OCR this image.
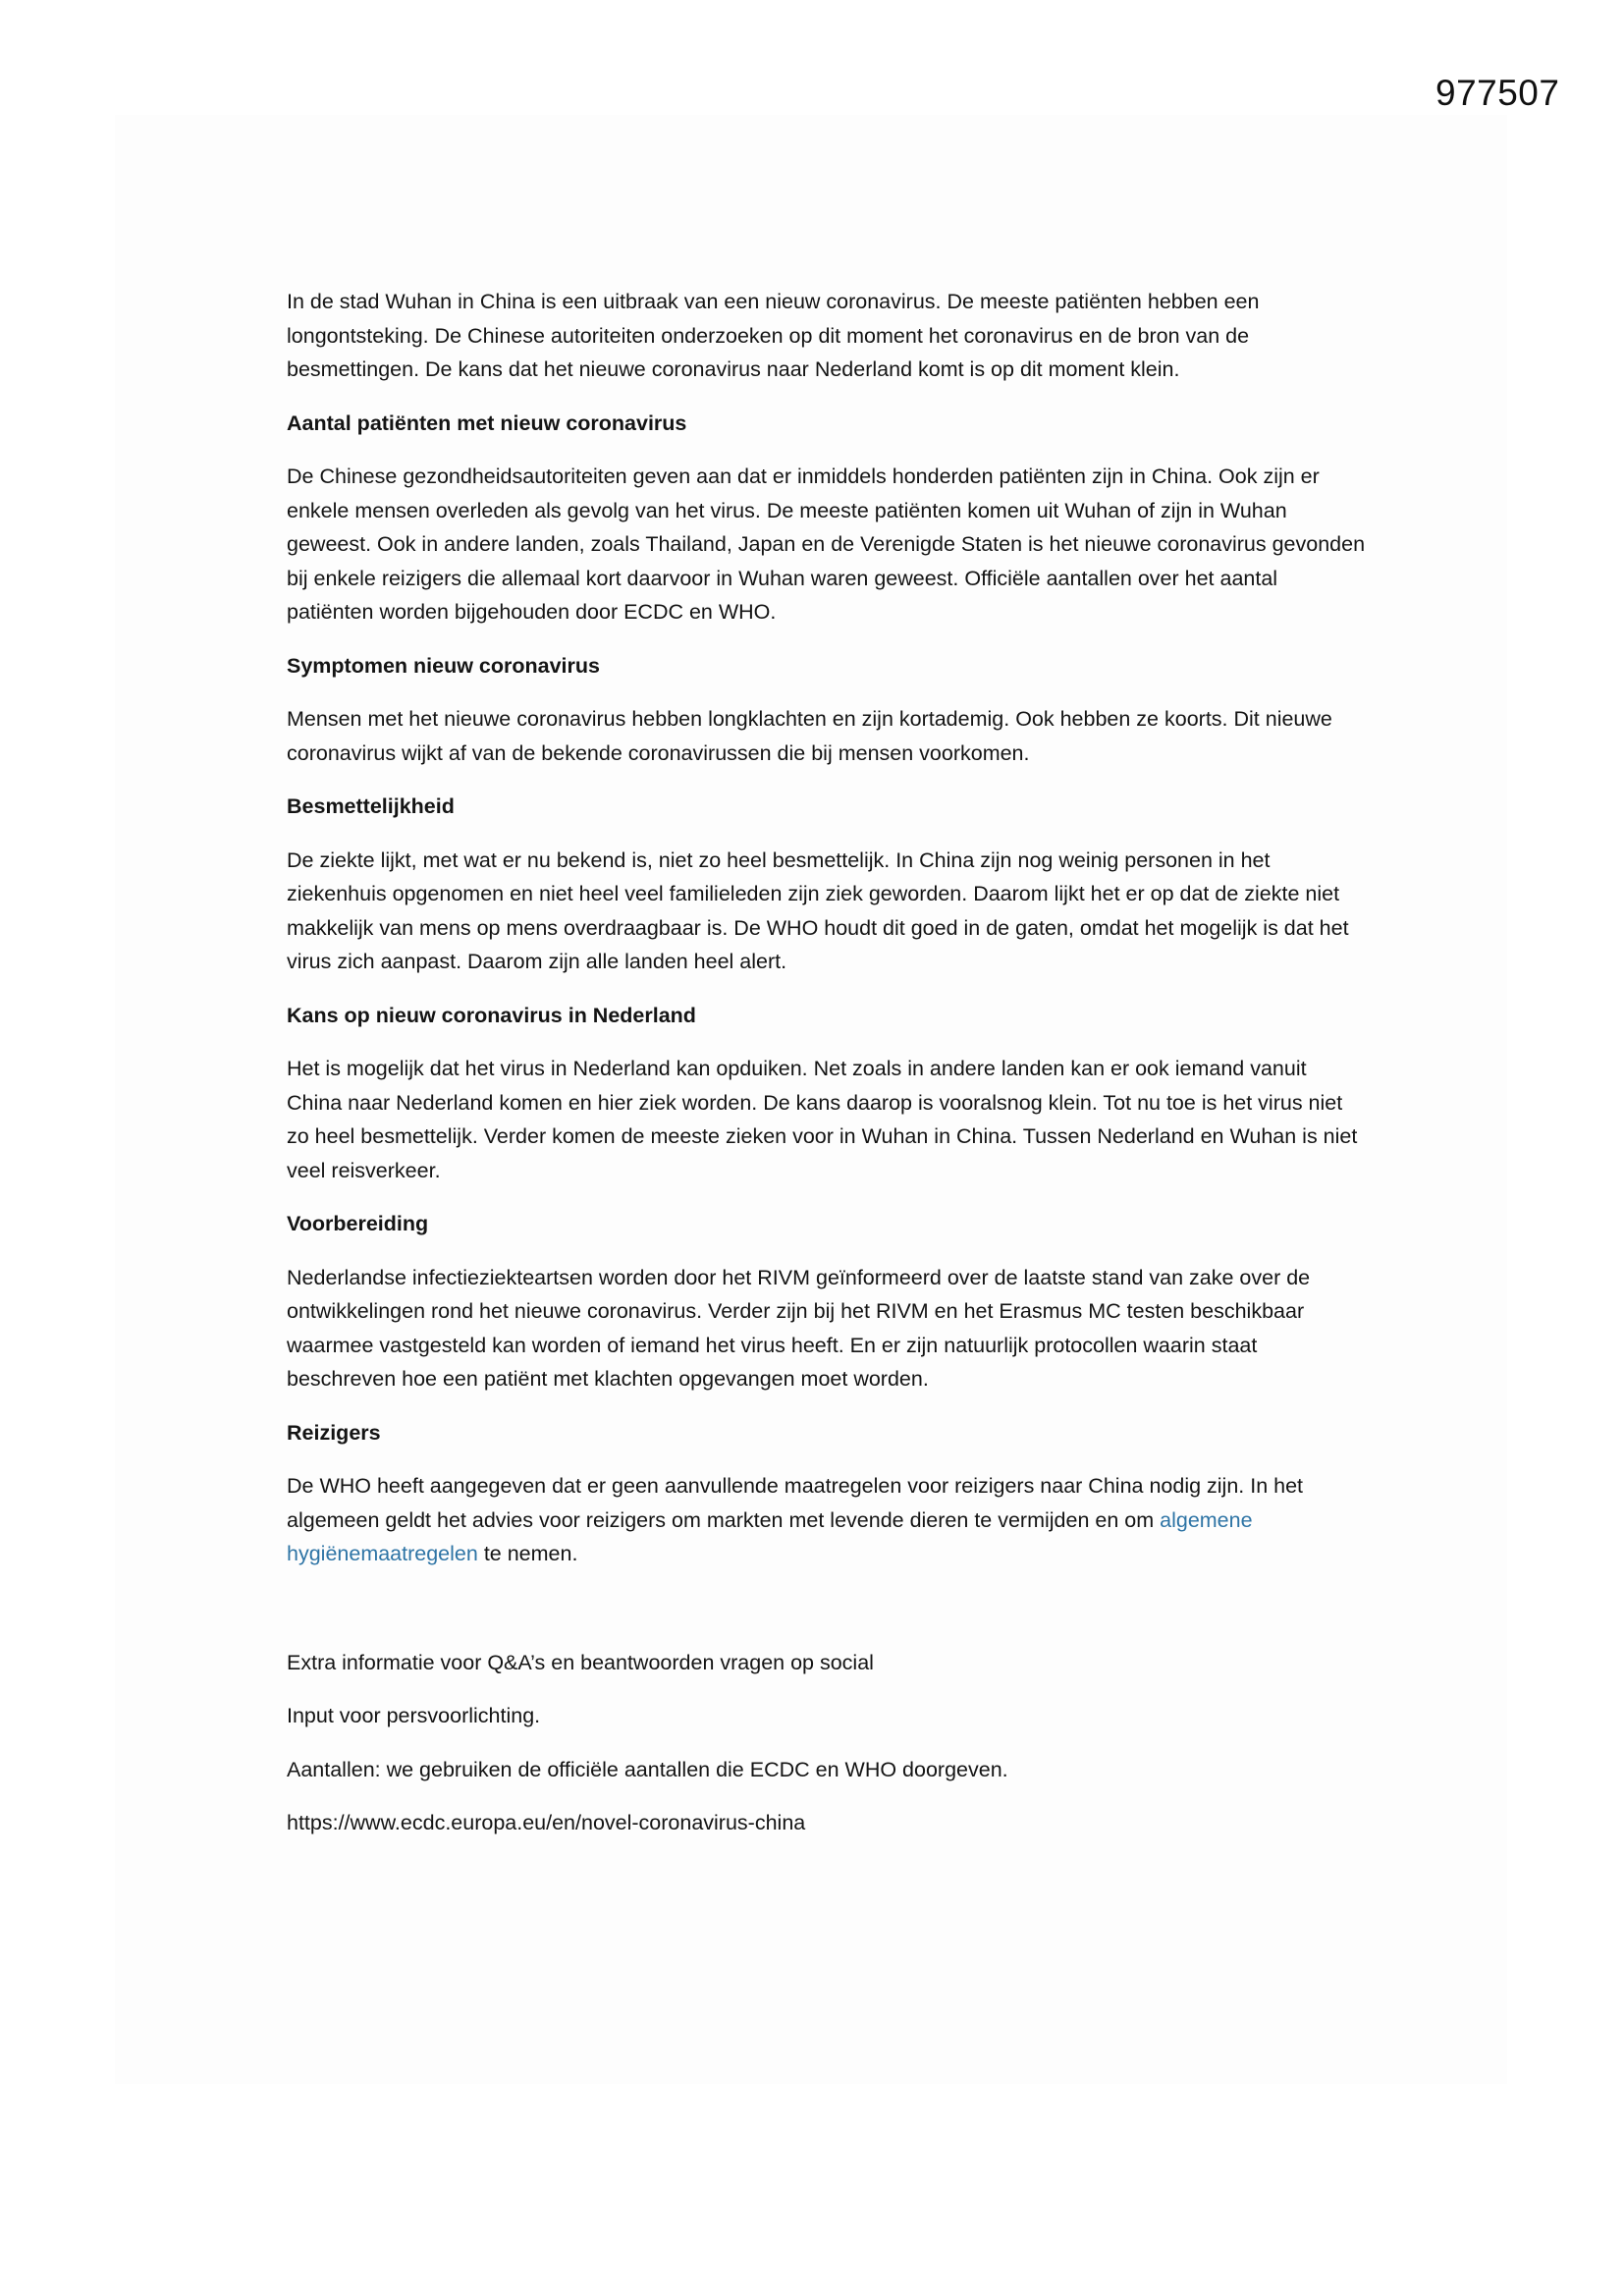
977507

In de stad Wuhan in China is een uitbraak van een nieuw coronavirus. De meeste patiënten hebben een longontsteking. De Chinese autoriteiten onderzoeken op dit moment het coronavirus en de bron van de besmettingen. De kans dat het nieuwe coronavirus naar Nederland komt is op dit moment klein.

Aantal patiënten met nieuw coronavirus

De Chinese gezondheidsautoriteiten geven aan dat er inmiddels honderden patiënten zijn in China. Ook zijn er enkele mensen overleden als gevolg van het virus. De meeste patiënten komen uit Wuhan of zijn in Wuhan geweest. Ook in andere landen, zoals Thailand, Japan en de Verenigde Staten is het nieuwe coronavirus gevonden bij enkele reizigers die allemaal kort daarvoor in Wuhan waren geweest. Officiële aantallen over het aantal patiënten worden bijgehouden door ECDC en WHO.

Symptomen nieuw coronavirus

Mensen met het nieuwe coronavirus hebben longklachten en zijn kortademig. Ook hebben ze koorts. Dit nieuwe coronavirus wijkt af van de bekende coronavirussen die bij mensen voorkomen.

Besmettelijkheid

De ziekte lijkt, met wat er nu bekend is, niet zo heel besmettelijk. In China zijn nog weinig personen in het ziekenhuis opgenomen en niet heel veel familieleden zijn ziek geworden. Daarom lijkt het er op dat de ziekte niet makkelijk van mens op mens overdraagbaar is. De WHO houdt dit goed in de gaten, omdat het mogelijk is dat het virus zich aanpast. Daarom zijn alle landen heel alert.

Kans op nieuw coronavirus in Nederland

Het is mogelijk dat het virus in Nederland kan opduiken. Net zoals in andere landen kan er ook iemand vanuit China naar Nederland komen en hier ziek worden. De kans daarop is vooralsnog klein. Tot nu toe is het virus niet zo heel besmettelijk. Verder komen de meeste zieken voor in Wuhan in China. Tussen Nederland en Wuhan is niet veel reisverkeer.

Voorbereiding

Nederlandse infectieziekteartsen worden door het RIVM geïnformeerd over de laatste stand van zake over de ontwikkelingen rond het nieuwe coronavirus. Verder zijn bij het RIVM en het Erasmus MC testen beschikbaar waarmee vastgesteld kan worden of iemand het virus heeft. En er zijn natuurlijk protocollen waarin staat beschreven hoe een patiënt met klachten opgevangen moet worden.

Reizigers

De WHO heeft aangegeven dat er geen aanvullende maatregelen voor reizigers naar China nodig zijn. In het algemeen geldt het advies voor reizigers om markten met levende dieren te vermijden en om algemene hygiënemaatregelen te nemen.

Extra informatie voor Q&A’s en beantwoorden vragen op social

Input voor persvoorlichting.

Aantallen: we gebruiken de officiële aantallen die ECDC en WHO doorgeven.

https://www.ecdc.europa.eu/en/novel-coronavirus-china
